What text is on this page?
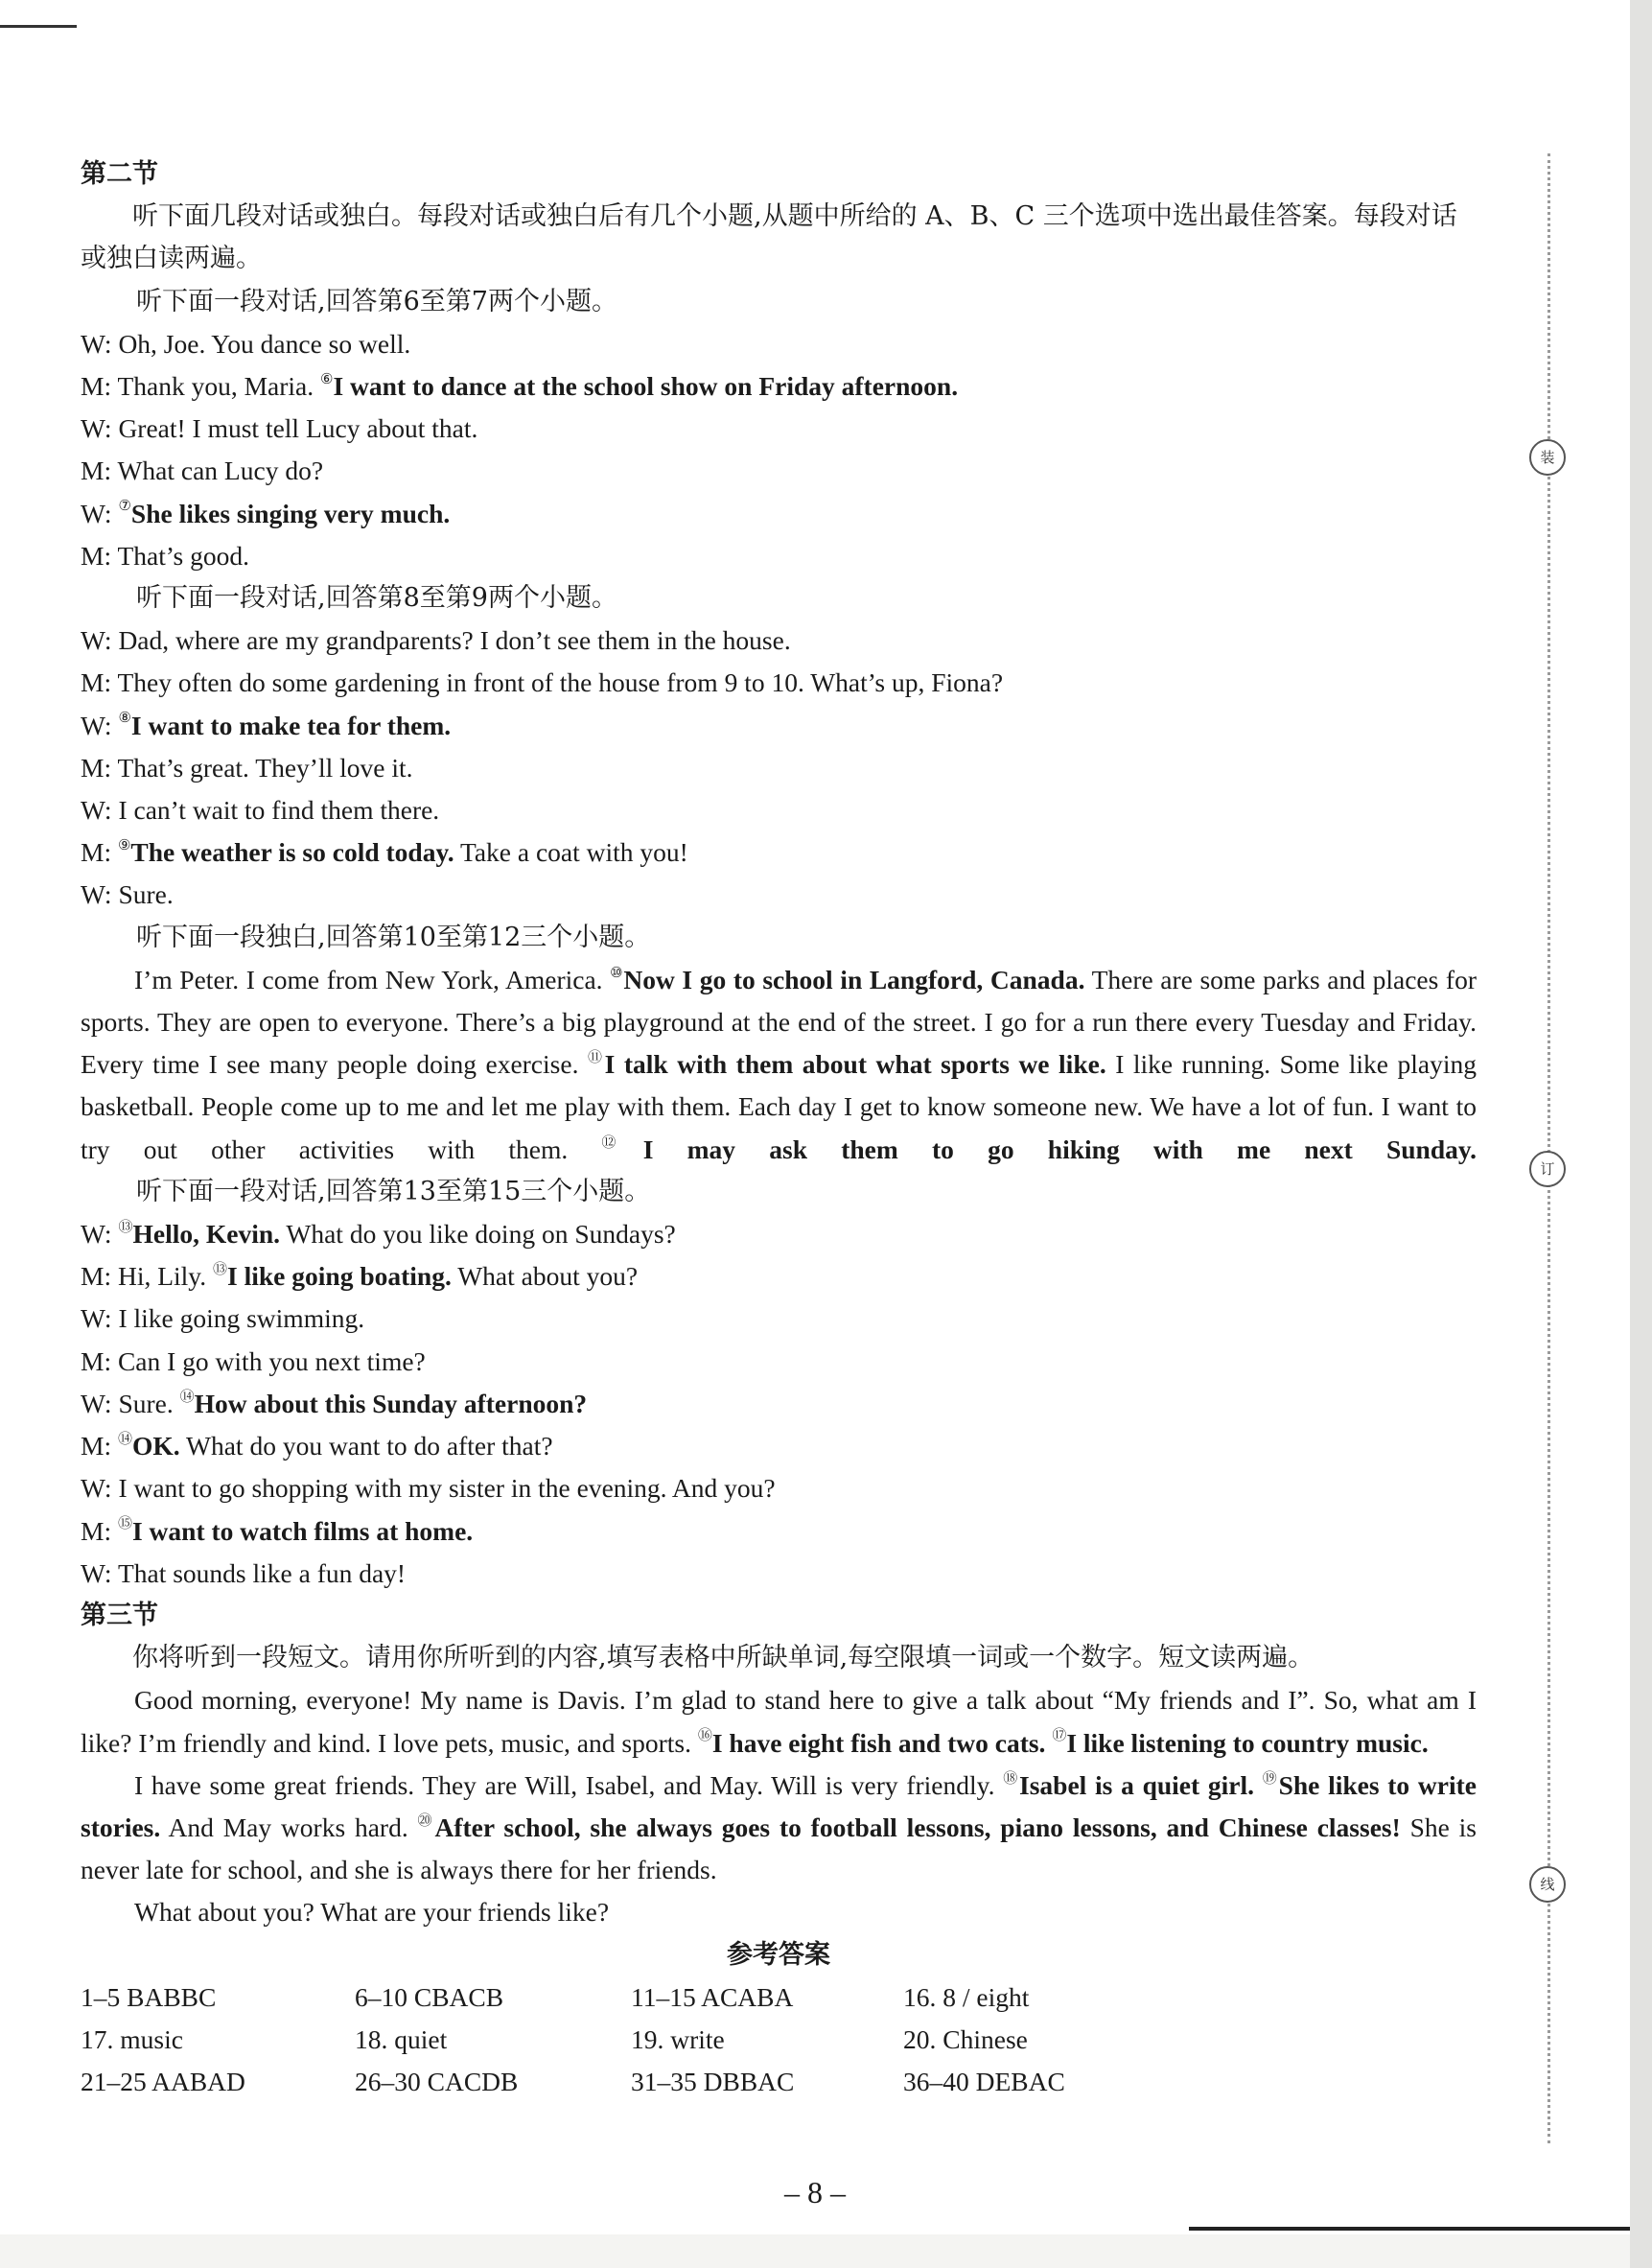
第二节
听下面几段对话或独白。每段对话或独白后有几个小题,从题中所给的 A、B、C 三个选项中选出最佳答案。每段对话或独白读两遍。
听下面一段对话,回答第6至第7两个小题。
W: Oh, Joe. You dance so well.
M: Thank you, Maria. ⑥I want to dance at the school show on Friday afternoon.
W: Great! I must tell Lucy about that.
M: What can Lucy do?
W: ⑦She likes singing very much.
M: That’s good.
听下面一段对话,回答第8至第9两个小题。
W: Dad, where are my grandparents? I don’t see them in the house.
M: They often do some gardening in front of the house from 9 to 10. What’s up, Fiona?
W: ⑧I want to make tea for them.
M: That’s great. They’ll love it.
W: I can’t wait to find them there.
M: ⑨The weather is so cold today. Take a coat with you!
W: Sure.
听下面一段独白,回答第10至第12三个小题。
I’m Peter. I come from New York, America. ⑩Now I go to school in Langford, Canada. There are some parks and places for sports. They are open to everyone. There’s a big playground at the end of the street. I go for a run there every Tuesday and Friday. Every time I see many people doing exercise. ⑪I talk with them about what sports we like. I like running. Some like playing basketball. People come up to me and let me play with them. Each day I get to know someone new. We have a lot of fun. I want to try out other activities with them. ⑫I may ask them to go hiking with me next Sunday.
听下面一段对话,回答第13至第15三个小题。
W: ⑬Hello, Kevin. What do you like doing on Sundays?
M: Hi, Lily. ⑬I like going boating. What about you?
W: I like going swimming.
M: Can I go with you next time?
W: Sure. ⑭How about this Sunday afternoon?
M: ⑭OK. What do you want to do after that?
W: I want to go shopping with my sister in the evening. And you?
M: ⑮I want to watch films at home.
W: That sounds like a fun day!
第三节
你将听到一段短文。请用你所听到的内容,填写表格中所缺单词,每空限填一词或一个数字。短文读两遍。
Good morning, everyone! My name is Davis. I’m glad to stand here to give a talk about “My friends and I”. So, what am I like? I’m friendly and kind. I love pets, music, and sports. ⑯I have eight fish and two cats. ⑰I like listening to country music.
I have some great friends. They are Will, Isabel, and May. Will is very friendly. ⑱Isabel is a quiet girl. ⑲She likes to write stories. And May works hard. ⑳After school, she always goes to football lessons, piano lessons, and Chinese classes! She is never late for school, and she is always there for her friends.
What about you? What are your friends like?
参考答案
1–5 BABBC	6–10 CBACB	11–15 ACABA	16. 8 / eight
17. music	18. quiet	19. write	20. Chinese
21–25 AABAD	26–30 CACDB	31–35 DBBAC	36–40 DEBAC
– 8 –
装
订
线
